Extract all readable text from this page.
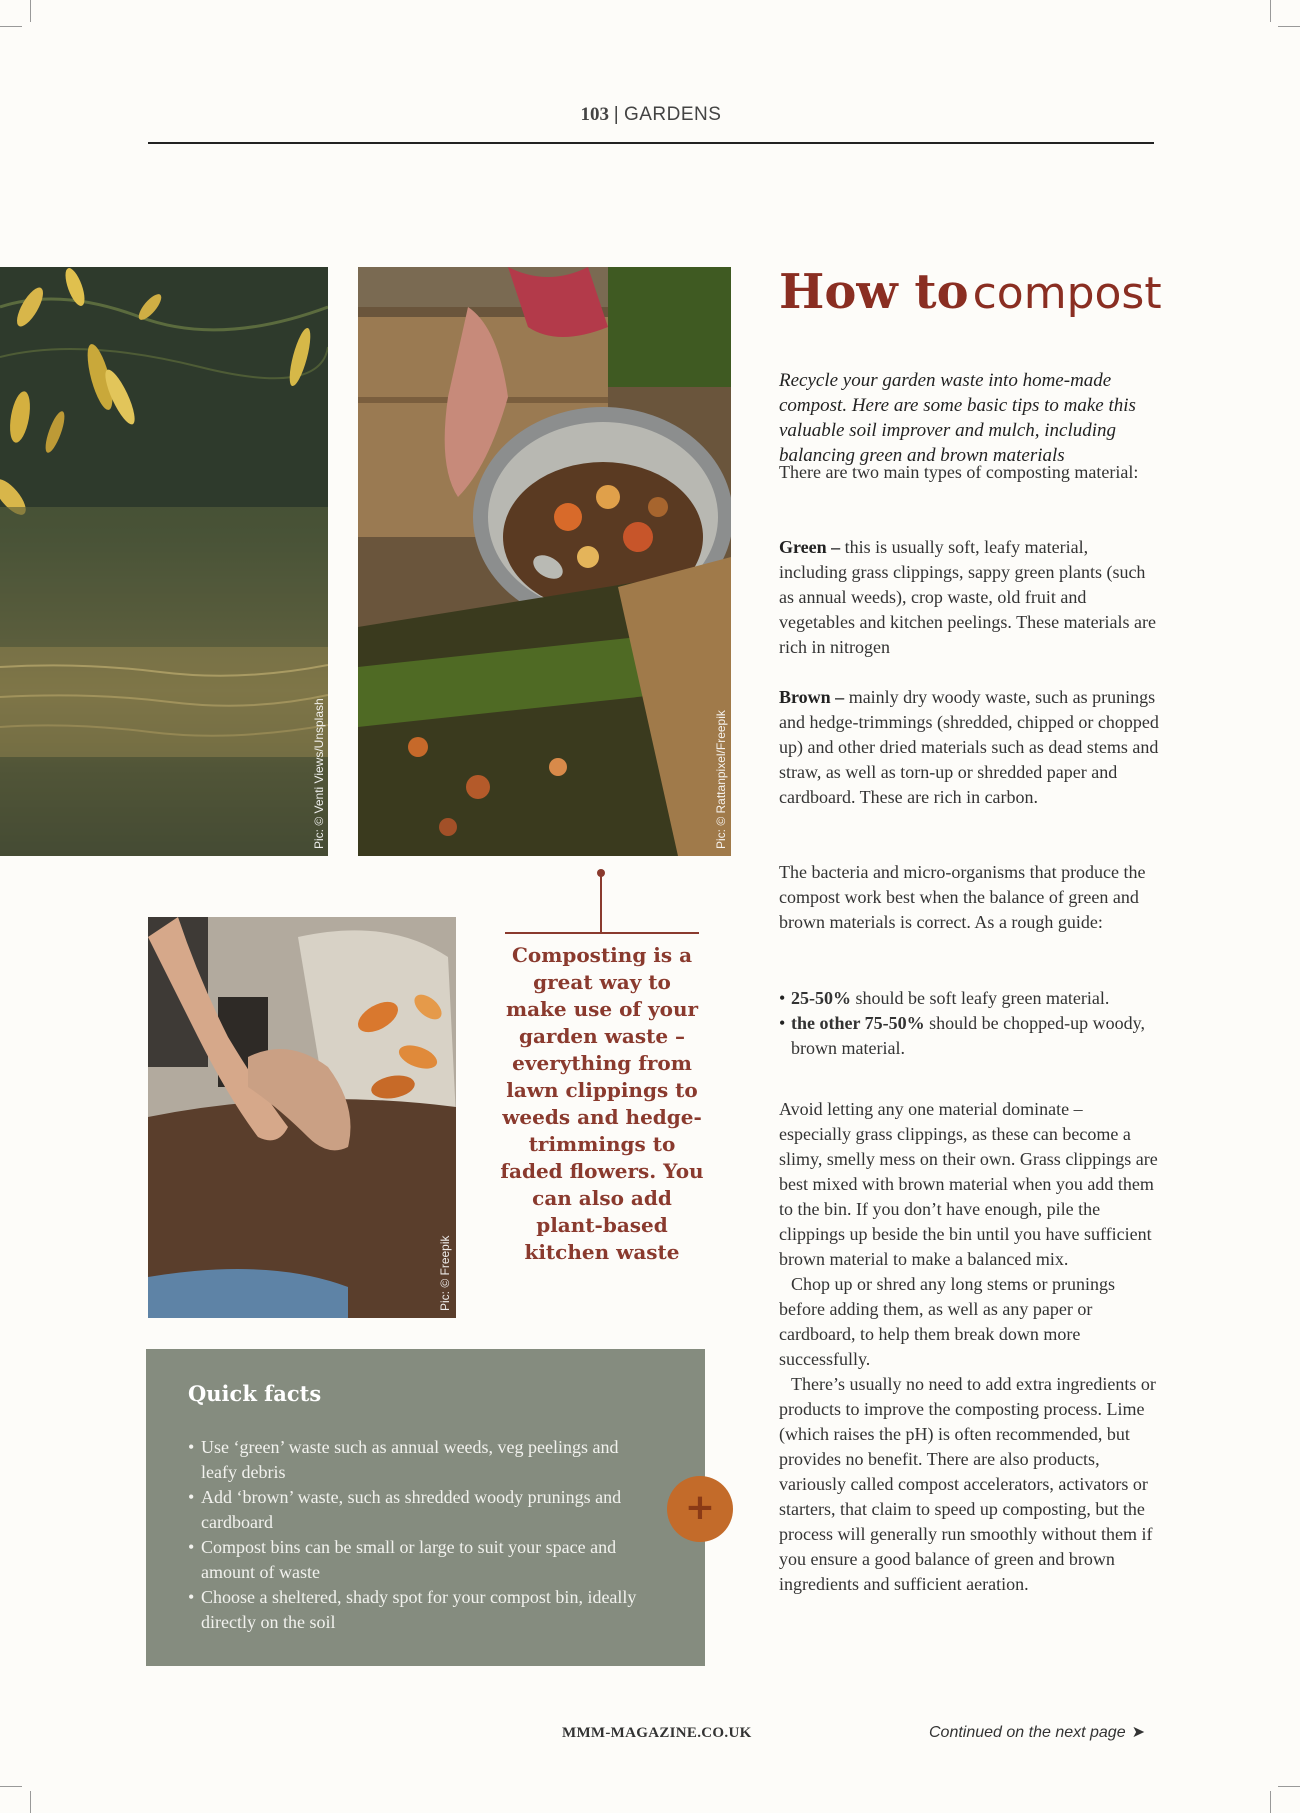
103 | GARDENS
Pic: © Venti Views/Unsplash	Pic: © Rattanpixel/Freepik
Pic: © Freepik
Composting is a great way to make use of your garden waste – everything from lawn clippings to weeds and hedge-trimmings to faded flowers. You can also add plant-based kitchen waste
Quick facts
• Use ‘green’ waste such as annual weeds, veg peelings and leafy debris
• Add ‘brown’ waste, such as shredded woody prunings and cardboard
• Compost bins can be small or large to suit your space and amount of waste
• Choose a sheltered, shady spot for your compost bin, ideally directly on the soil
+
How to compost

Recycle your garden waste into home-made compost. Here are some basic tips to make this valuable soil improver and mulch, including balancing green and brown materials

There are two main types of composting material:

Green – this is usually soft, leafy material, including grass clippings, sappy green plants (such as annual weeds), crop waste, old fruit and vegetables and kitchen peelings. These materials are rich in nitrogen

Brown – mainly dry woody waste, such as prunings and hedge-trimmings (shredded, chipped or chopped up) and other dried materials such as dead stems and straw, as well as torn-up or shredded paper and cardboard. These are rich in carbon.

The bacteria and micro-organisms that produce the compost work best when the balance of green and brown materials is correct. As a rough guide:

• 25-50% should be soft leafy green material.
• the other 75-50% should be chopped-up woody, brown material.

Avoid letting any one material dominate – especially grass clippings, as these can become a slimy, smelly mess on their own. Grass clippings are best mixed with brown material when you add them to the bin. If you don’t have enough, pile the clippings up beside the bin until you have sufficient brown material to make a balanced mix.

Chop up or shred any long stems or prunings before adding them, as well as any paper or cardboard, to help them break down more successfully.

There’s usually no need to add extra ingredients or products to improve the composting process. Lime (which raises the pH) is often recommended, but provides no benefit. There are also products, variously called compost accelerators, activators or starters, that claim to speed up composting, but the process will generally run smoothly without them if you ensure a good balance of green and brown ingredients and sufficient aeration.

MMM-MAGAZINE.CO.UK	Continued on the next page ➤
